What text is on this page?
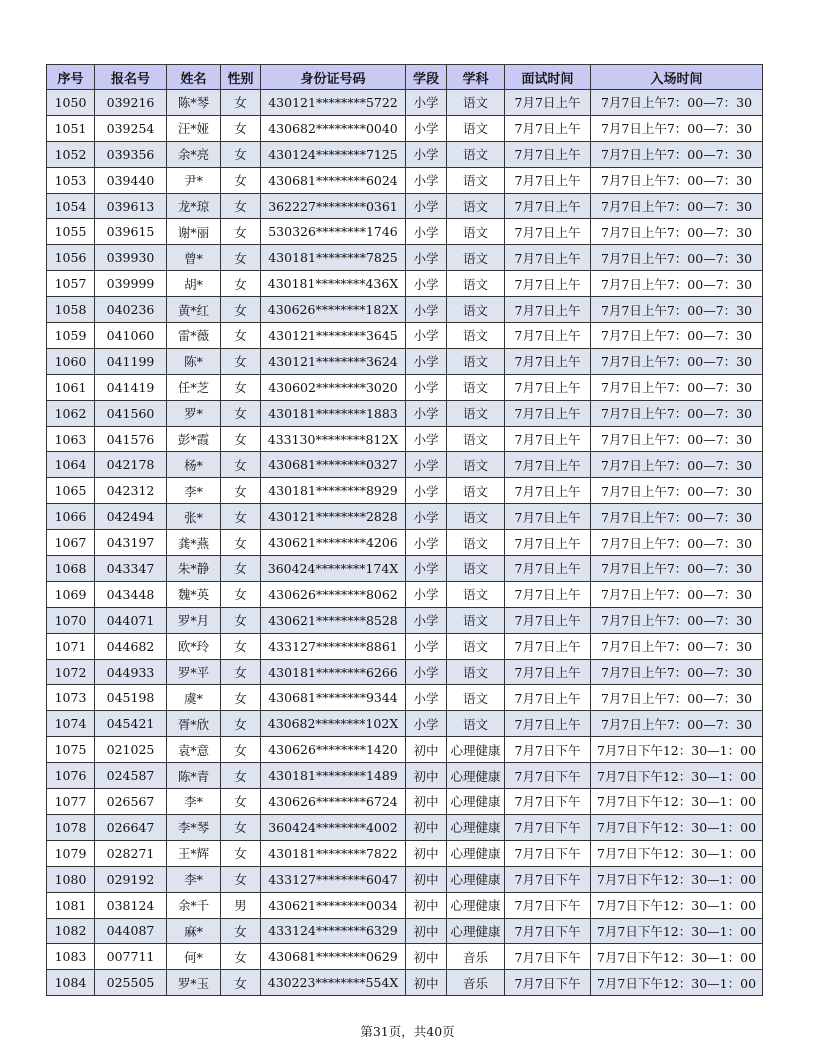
序号	报名号	姓名	性别	身份证号码	学段	学科	面试时间	入场时间
1050	039216	陈*琴	女	430121********5722	小学	语文	7月7日上午	7月7日上午7：00—7：30
1051	039254	汪*娅	女	430682********0040	小学	语文	7月7日上午	7月7日上午7：00—7：30
1052	039356	余*亮	女	430124********7125	小学	语文	7月7日上午	7月7日上午7：00—7：30
1053	039440	尹*	女	430681********6024	小学	语文	7月7日上午	7月7日上午7：00—7：30
1054	039613	龙*琼	女	362227********0361	小学	语文	7月7日上午	7月7日上午7：00—7：30
1055	039615	谢*丽	女	530326********1746	小学	语文	7月7日上午	7月7日上午7：00—7：30
1056	039930	曾*	女	430181********7825	小学	语文	7月7日上午	7月7日上午7：00—7：30
1057	039999	胡*	女	430181********436X	小学	语文	7月7日上午	7月7日上午7：00—7：30
1058	040236	黄*红	女	430626********182X	小学	语文	7月7日上午	7月7日上午7：00—7：30
1059	041060	雷*薇	女	430121********3645	小学	语文	7月7日上午	7月7日上午7：00—7：30
1060	041199	陈*	女	430121********3624	小学	语文	7月7日上午	7月7日上午7：00—7：30
1061	041419	任*芝	女	430602********3020	小学	语文	7月7日上午	7月7日上午7：00—7：30
1062	041560	罗*	女	430181********1883	小学	语文	7月7日上午	7月7日上午7：00—7：30
1063	041576	彭*霞	女	433130********812X	小学	语文	7月7日上午	7月7日上午7：00—7：30
1064	042178	杨*	女	430681********0327	小学	语文	7月7日上午	7月7日上午7：00—7：30
1065	042312	李*	女	430181********8929	小学	语文	7月7日上午	7月7日上午7：00—7：30
1066	042494	张*	女	430121********2828	小学	语文	7月7日上午	7月7日上午7：00—7：30
1067	043197	龚*燕	女	430621********4206	小学	语文	7月7日上午	7月7日上午7：00—7：30
1068	043347	朱*静	女	360424********174X	小学	语文	7月7日上午	7月7日上午7：00—7：30
1069	043448	魏*英	女	430626********8062	小学	语文	7月7日上午	7月7日上午7：00—7：30
1070	044071	罗*月	女	430621********8528	小学	语文	7月7日上午	7月7日上午7：00—7：30
1071	044682	欧*玲	女	433127********8861	小学	语文	7月7日上午	7月7日上午7：00—7：30
1072	044933	罗*平	女	430181********6266	小学	语文	7月7日上午	7月7日上午7：00—7：30
1073	045198	虞*	女	430681********9344	小学	语文	7月7日上午	7月7日上午7：00—7：30
1074	045421	胥*欣	女	430682********102X	小学	语文	7月7日上午	7月7日上午7：00—7：30
1075	021025	袁*意	女	430626********1420	初中	心理健康	7月7日下午	7月7日下午12：30—1：00
1076	024587	陈*青	女	430181********1489	初中	心理健康	7月7日下午	7月7日下午12：30—1：00
1077	026567	李*	女	430626********6724	初中	心理健康	7月7日下午	7月7日下午12：30—1：00
1078	026647	李*琴	女	360424********4002	初中	心理健康	7月7日下午	7月7日下午12：30—1：00
1079	028271	王*辉	女	430181********7822	初中	心理健康	7月7日下午	7月7日下午12：30—1：00
1080	029192	李*	女	433127********6047	初中	心理健康	7月7日下午	7月7日下午12：30—1：00
1081	038124	余*千	男	430621********0034	初中	心理健康	7月7日下午	7月7日下午12：30—1：00
1082	044087	麻*	女	433124********6329	初中	心理健康	7月7日下午	7月7日下午12：30—1：00
1083	007711	何*	女	430681********0629	初中	音乐	7月7日下午	7月7日下午12：30—1：00
1084	025505	罗*玉	女	430223********554X	初中	音乐	7月7日下午	7月7日下午12：30—1：00
第31页，共40页
